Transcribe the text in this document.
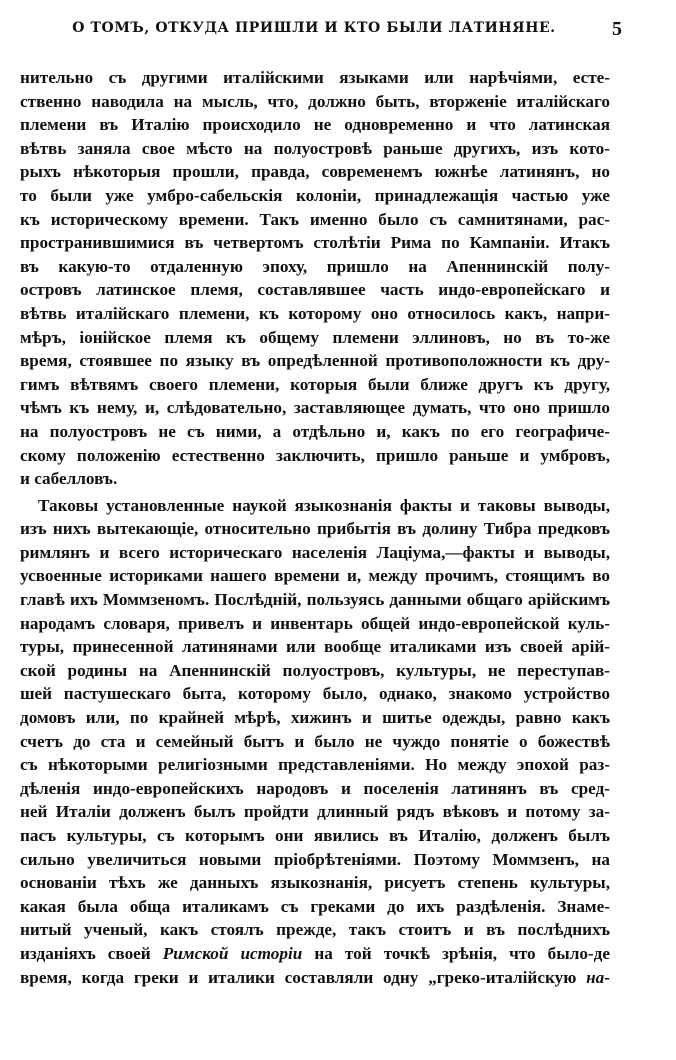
О ТОМЪ, ОТКУДА ПРИШЛИ И КТО БЫЛИ ЛАТИНЯНЕ.	5
нительно съ другими италійскими языками или нарѣчіями, есте-
ственно наводила на мысль, что, должно быть, вторженіе италійскаго
племени въ Италію происходило не одновременно и что латинская
вѣтвь заняла свое мѣсто на полуостровѣ раньше другихъ, изъ кото-
рыхъ нѣкоторыя прошли, правда, современемъ южнѣе латинянъ, но
то были уже умбро-сабельскія колоніи, принадлежащія частью уже
къ историческому времени. Такъ именно было съ самнитянами, рас-
пространившимися въ четвертомъ столѣтіи Рима по Кампаніи. Итакъ
въ какую-то отдаленную эпоху, пришло на Апеннинскій полу-
островъ латинское племя, составлявшее часть индо-европейскаго и
вѣтвь италійскаго племени, къ которому оно относилось какъ, напри-
мѣръ, іонійское племя къ общему племени эллиновъ, но въ то-же
время, стоявшее по языку въ опредѣленной противоположности къ дру-
гимъ вѣтвямъ своего племени, которыя были ближе другъ къ другу,
чѣмъ къ нему, и, слѣдовательно, заставляющее думать, что оно пришло
на полуостровъ не съ ними, а отдѣльно и, какъ по его географиче-
скому положенію естественно заключить, пришло раньше и умбровъ,
и сабелловъ.
Таковы установленные наукой языкознанія факты и таковы выводы,
изъ нихъ вытекающіе, относительно прибытія въ долину Тибра предковъ
римлянъ и всего историческаго населенія Лаціума,—факты и выводы,
усвоенные историками нашего времени и, между прочимъ, стоящимъ во
главѣ ихъ Моммзеномъ. Послѣдній, пользуясь данными общаго арійскимъ
народамъ словаря, привелъ и инвентарь общей индо-европейской куль-
туры, принесенной латинянами или вообще италиками изъ своей арій-
ской родины на Апеннинскій полуостровъ, культуры, не переступав-
шей пастушескаго быта, которому было, однако, знакомо устройство
домовъ или, по крайней мѣрѣ, хижинъ и шитье одежды, равно какъ
счетъ до ста и семейный бытъ и было не чуждо понятіе о божествѣ
съ нѣкоторыми религіозными представленіями. Но между эпохой раз-
дѣленія индо-европейскихъ народовъ и поселенія латинянъ въ сред-
ней Италіи долженъ былъ пройдти длинный рядъ вѣковъ и потому за-
пасъ культуры, съ которымъ они явились въ Италію, долженъ былъ
сильно увеличиться новыми пріобрѣтеніями. Поэтому Моммзенъ, на
основаніи тѣхъ же данныхъ языкознанія, рисуетъ степень культуры,
какая была обща италикамъ съ греками до ихъ раздѣленія. Знаме-
нитый ученый, какъ стоялъ прежде, такъ стоитъ и въ послѣднихъ
изданіяхъ своей Римской исторіи на той точкѣ зрѣнія, что было-де
время, когда греки и италики составляли одну „греко-италійскую на-
